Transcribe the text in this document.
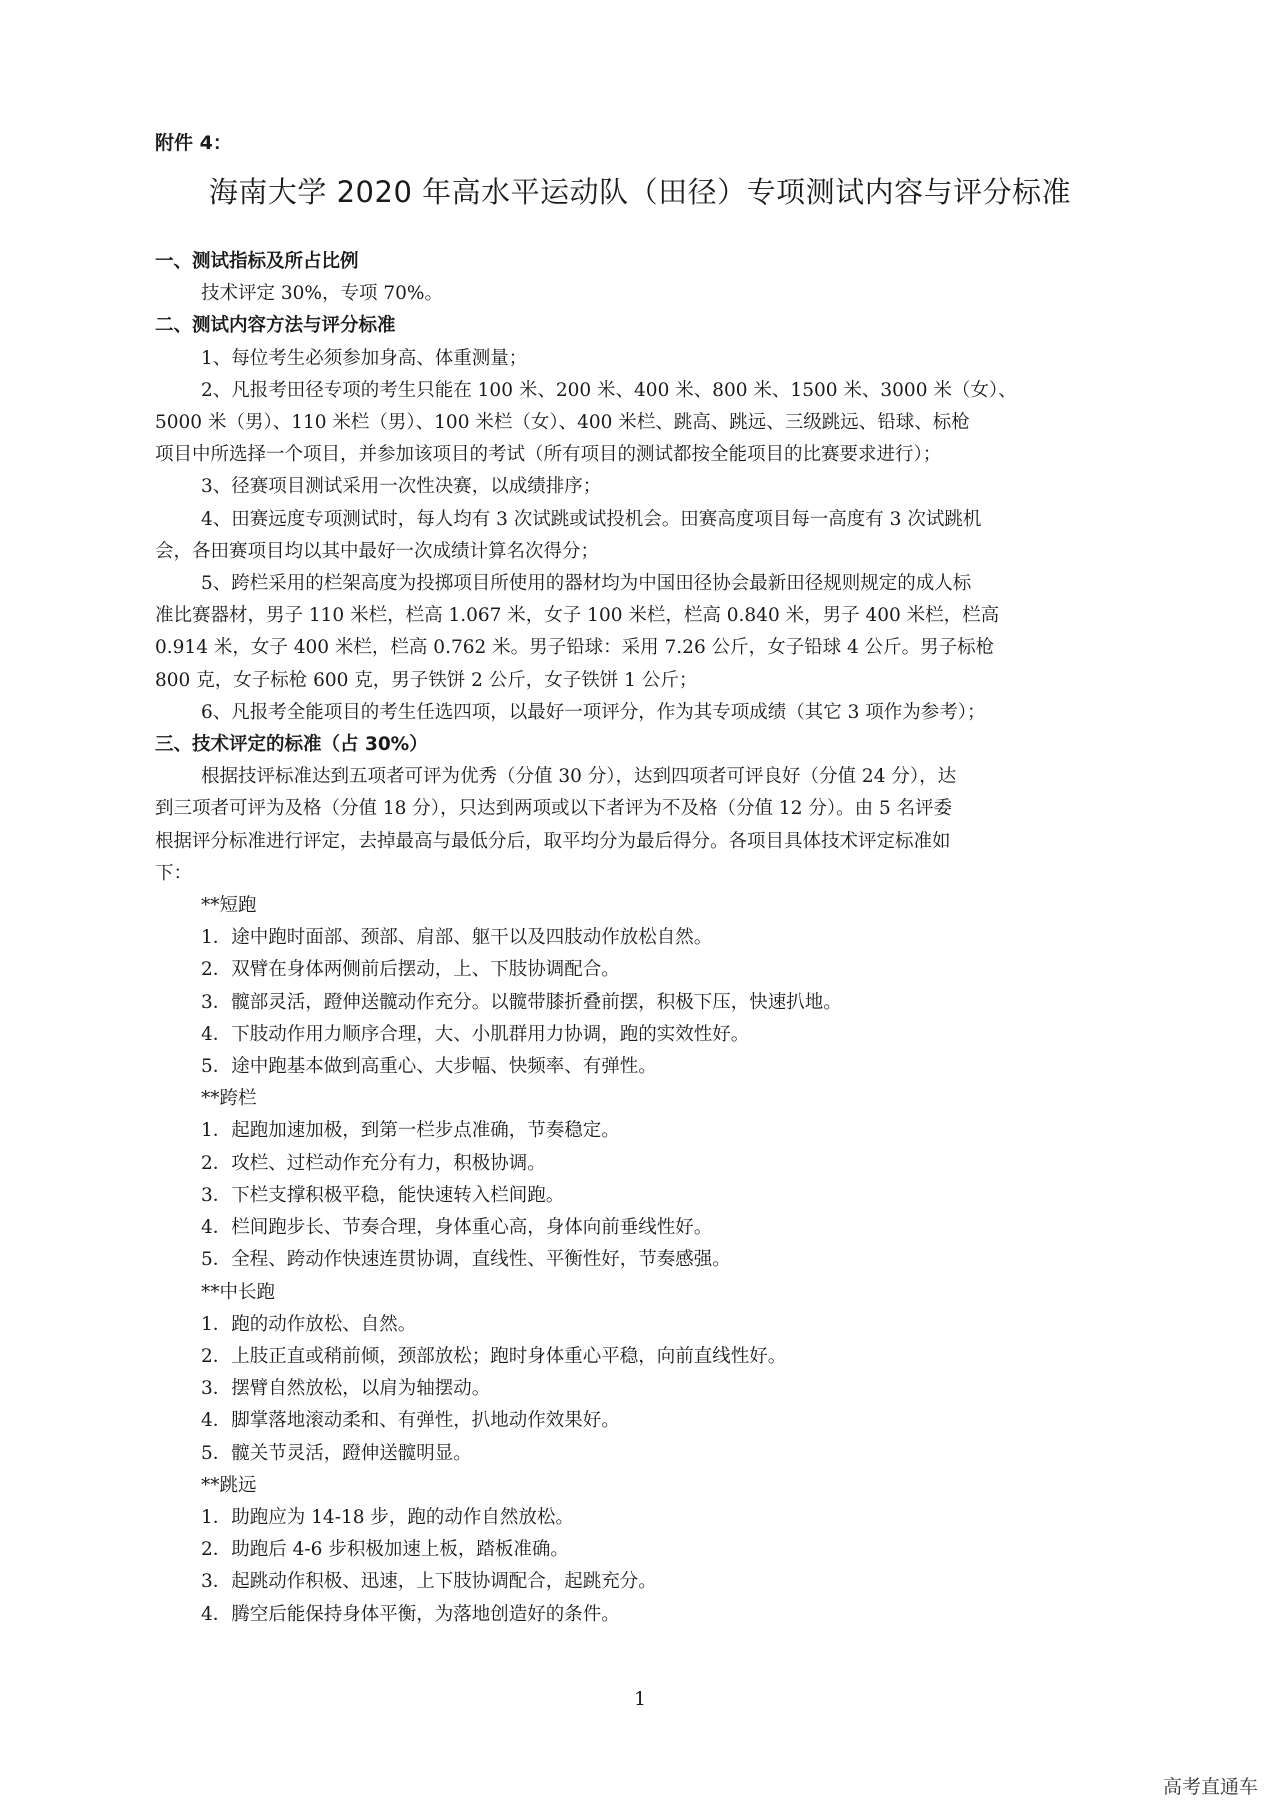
附件 4：
海南大学 2020 年高水平运动队（田径）专项测试内容与评分标准
一、测试指标及所占比例
技术评定 30%，专项 70%。
二、测试内容方法与评分标准
1、每位考生必须参加身高、体重测量；
2、凡报考田径专项的考生只能在 100 米、200 米、400 米、800 米、1500 米、3000 米（女）、
5000 米（男）、110 米栏（男）、100 米栏（女）、400 米栏、跳高、跳远、三级跳远、铅球、标枪
项目中所选择一个项目，并参加该项目的考试（所有项目的测试都按全能项目的比赛要求进行）；
3、径赛项目测试采用一次性决赛，以成绩排序；
4、田赛远度专项测试时，每人均有 3 次试跳或试投机会。田赛高度项目每一高度有 3 次试跳机
会，各田赛项目均以其中最好一次成绩计算名次得分；
5、跨栏采用的栏架高度为投掷项目所使用的器材均为中国田径协会最新田径规则规定的成人标
准比赛器材，男子 110 米栏，栏高 1.067 米，女子 100 米栏，栏高 0.840 米，男子 400 米栏，栏高
0.914 米，女子 400 米栏，栏高 0.762 米。男子铅球：采用 7.26 公斤，女子铅球 4 公斤。男子标枪
800 克，女子标枪 600 克，男子铁饼 2 公斤，女子铁饼 1 公斤；
6、凡报考全能项目的考生任选四项，以最好一项评分，作为其专项成绩（其它 3 项作为参考）；
三、技术评定的标准（占 30%）
根据技评标准达到五项者可评为优秀（分值 30 分），达到四项者可评良好（分值 24 分），达
到三项者可评为及格（分值 18 分），只达到两项或以下者评为不及格（分值 12 分）。由 5 名评委
根据评分标准进行评定，去掉最高与最低分后，取平均分为最后得分。各项目具体技术评定标准如
下：
**短跑
1．途中跑时面部、颈部、肩部、躯干以及四肢动作放松自然。
2．双臂在身体两侧前后摆动，上、下肢协调配合。
3．髋部灵活，蹬伸送髋动作充分。以髋带膝折叠前摆，积极下压，快速扒地。
4．下肢动作用力顺序合理，大、小肌群用力协调，跑的实效性好。
5．途中跑基本做到高重心、大步幅、快频率、有弹性。
**跨栏
1．起跑加速加极，到第一栏步点准确，节奏稳定。
2．攻栏、过栏动作充分有力，积极协调。
3．下栏支撑积极平稳，能快速转入栏间跑。
4．栏间跑步长、节奏合理，身体重心高，身体向前垂线性好。
5．全程、跨动作快速连贯协调，直线性、平衡性好，节奏感强。
**中长跑
1．跑的动作放松、自然。
2．上肢正直或稍前倾，颈部放松；跑时身体重心平稳，向前直线性好。
3．摆臂自然放松，以肩为轴摆动。
4．脚掌落地滚动柔和、有弹性，扒地动作效果好。
5．髋关节灵活，蹬伸送髋明显。
**跳远
1．助跑应为 14-18 步，跑的动作自然放松。
2．助跑后 4-6 步积极加速上板，踏板准确。
3．起跳动作积极、迅速，上下肢协调配合，起跳充分。
4．腾空后能保持身体平衡，为落地创造好的条件。
1
高考直通车
